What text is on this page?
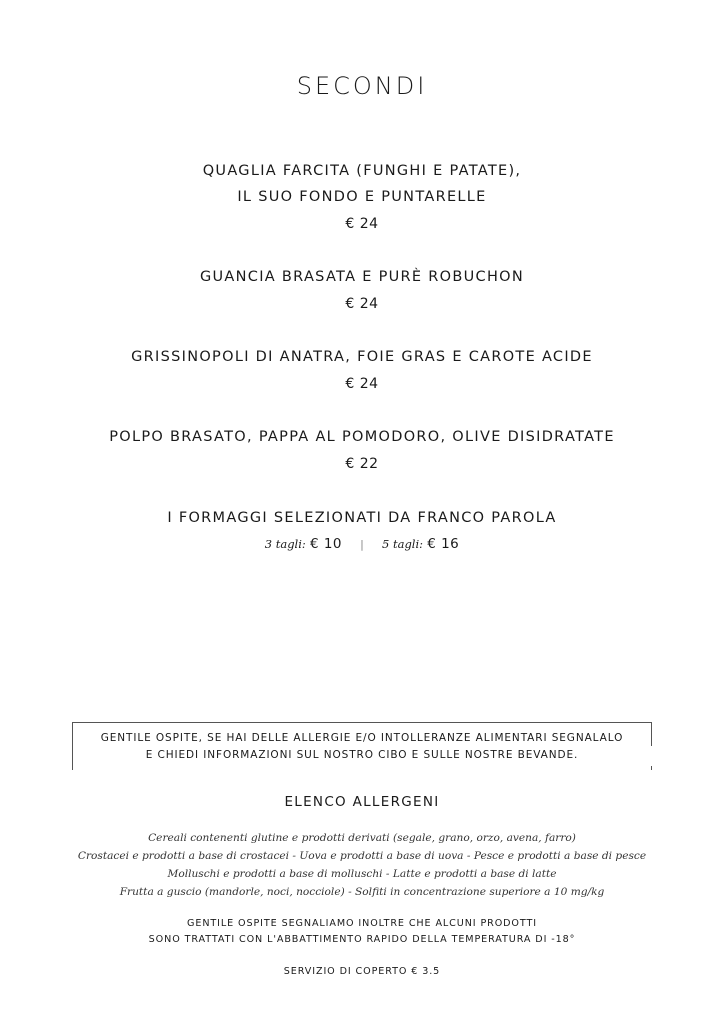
SECONDI
QUAGLIA FARCITA (FUNGHI E PATATE),
IL SUO FONDO E PUNTARELLE
€ 24
GUANCIA BRASATA E PURÈ ROBUCHON
€ 24
GRISSINOPOLI DI ANATRA, FOIE GRAS E CAROTE ACIDE
€ 24
POLPO BRASATO, PAPPA AL POMODORO, OLIVE DISIDRATATE
€ 22
I FORMAGGI SELEZIONATI DA FRANCO PAROLA
3 tagli: € 10 | 5 tagli: € 16
GENTILE OSPITE, SE HAI DELLE ALLERGIE E/O INTOLLERANZE ALIMENTARI SEGNALALO
E CHIEDI INFORMAZIONI SUL NOSTRO CIBO E SULLE NOSTRE BEVANDE.
ELENCO ALLERGENI
Cereali contenenti glutine e prodotti derivati (segale, grano, orzo, avena, farro)
Crostacei e prodotti a base di crostacei - Uova e prodotti a base di uova - Pesce e prodotti a base di pesce
Molluschi e prodotti a base di molluschi - Latte e prodotti a base di latte
Frutta a guscio (mandorle, noci, nocciole) - Solfiti in concentrazione superiore a 10 mg/kg
GENTILE OSPITE SEGNALIAMO INOLTRE CHE ALCUNI PRODOTTI
SONO TRATTATI CON L'ABBATTIMENTO RAPIDO DELLA TEMPERATURA DI -18°
SERVIZIO DI COPERTO € 3.5
